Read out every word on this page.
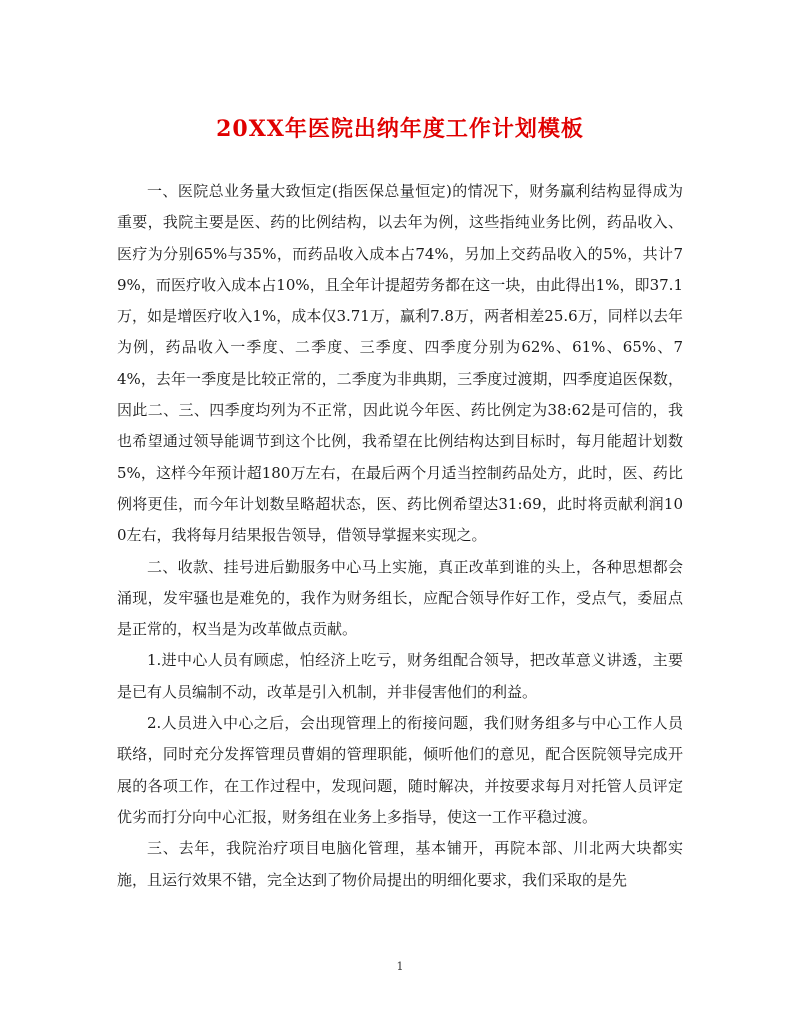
20XX年医院出纳年度工作计划模板

一、医院总业务量大致恒定(指医保总量恒定)的情况下，财务赢利结构显得成为重要，我院主要是医、药的比例结构，以去年为例，这些指纯业务比例，药品收入、医疗为分别65%与35%，而药品收入成本占74%，另加上交药品收入的5%，共计79%，而医疗收入成本占10%，且全年计提超劳务都在这一块，由此得出1%，即37.1万，如是增医疗收入1%，成本仅3.71万，赢利7.8万，两者相差25.6万，同样以去年为例，药品收入一季度、二季度、三季度、四季度分别为62%、61%、65%、74%，去年一季度是比较正常的，二季度为非典期，三季度过渡期，四季度追医保数，因此二、三、四季度均列为不正常，因此说今年医、药比例定为38:62是可信的，我也希望通过领导能调节到这个比例，我希望在比例结构达到目标时，每月能超计划数5%，这样今年预计超180万左右，在最后两个月适当控制药品处方，此时，医、药比例将更佳，而今年计划数呈略超状态，医、药比例希望达31:69，此时将贡献利润100左右，我将每月结果报告领导，借领导掌握来实现之。

二、收款、挂号进后勤服务中心马上实施，真正改革到谁的头上，各种思想都会涌现，发牢骚也是难免的，我作为财务组长，应配合领导作好工作，受点气，委屈点是正常的，权当是为改革做点贡献。

1.进中心人员有顾虑，怕经济上吃亏，财务组配合领导，把改革意义讲透，主要是已有人员编制不动，改革是引入机制，并非侵害他们的利益。

2.人员进入中心之后，会出现管理上的衔接问题，我们财务组多与中心工作人员联络，同时充分发挥管理员曹娟的管理职能，倾听他们的意见，配合医院领导完成开展的各项工作，在工作过程中，发现问题，随时解决，并按要求每月对托管人员评定优劣而打分向中心汇报，财务组在业务上多指导，使这一工作平稳过渡。

三、去年，我院治疗项目电脑化管理，基本铺开，再院本部、川北两大块都实施，且运行效果不错，完全达到了物价局提出的明细化要求，我们采取的是先

1
